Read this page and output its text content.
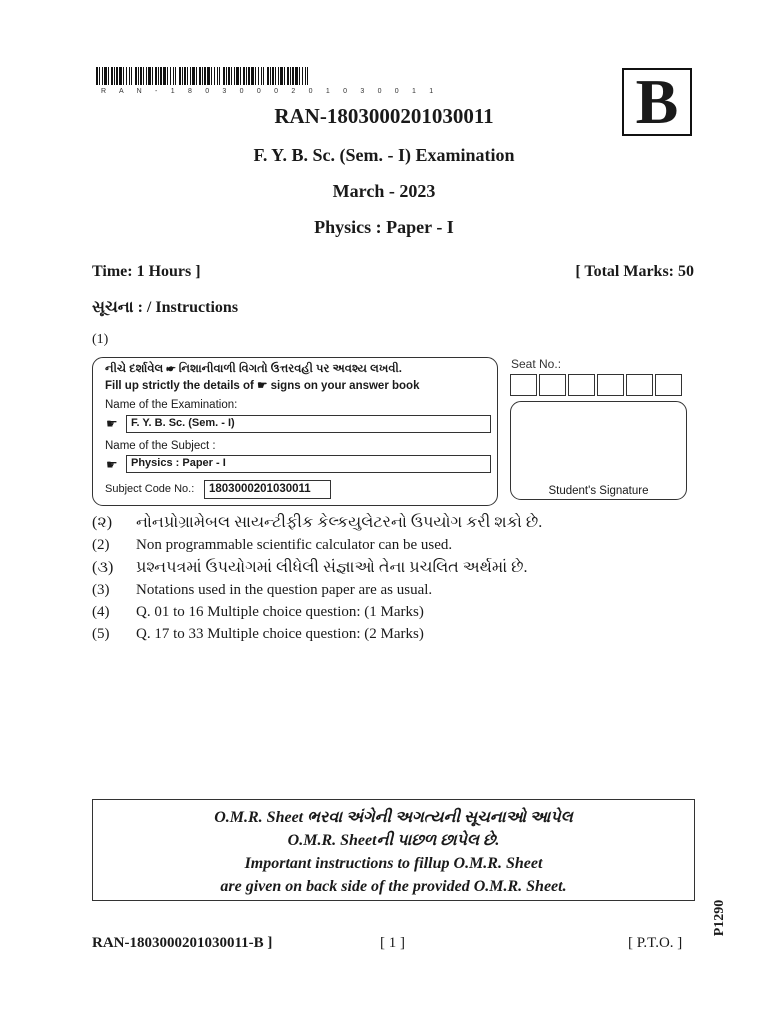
R A N - 1 8 0 3 0 0 0 2 0 1 0 3 0 0 1 1	B
RAN-1803000201030011
F. Y. B. Sc. (Sem. - I) Examination
March - 2023
Physics : Paper - I
Time: 1 Hours ]	[ Total Marks: 50
સૂચના : / Instructions
(1)
નીચે દર્શાવેલ ☛ નિશાનીવાળી વિગતો ઉત્તરવહી પર અવશ્ય લખવી.
Fill up strictly the details of ☛ signs on your answer book
Name of the Examination:
☛	F. Y. B. Sc. (Sem. - I)
Name of the Subject :
☛	Physics : Paper - I
Subject Code No.:	1803000201030011
Seat No.:
Student's Signature
(૨) નોનપ્રોગ્રામેબલ સાયન્ટીફીક કેલ્કયુલેટરનો ઉપયોગ કરી શકો છે.
(2) Non programmable scientific calculator can be used.
(૩) પ્રશ્નપત્રમાં ઉપયોગમાં લીધેલી સંજ્ઞાઓ તેના પ્રચલિત અર્થમાં છે.
(3) Notations used in the question paper are as usual.
(4) Q. 01 to 16 Multiple choice question: (1 Marks)
(5) Q. 17 to 33 Multiple choice question: (2 Marks)
O.M.R. Sheet ભરવા અંગેની અગત્યની સૂચનાઓ આપેલ
O.M.R. Sheetની પાછળ છાપેલ છે.
Important instructions to fillup O.M.R. Sheet
are given on back side of the provided O.M.R. Sheet.
RAN-1803000201030011-B ]	[ 1 ]	[ P.T.O. ]
P1290
